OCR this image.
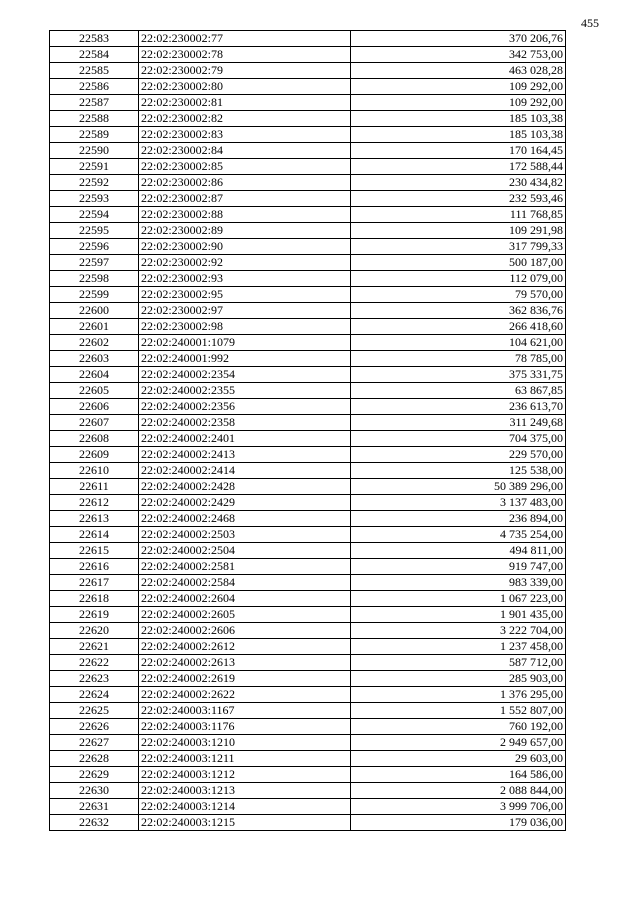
455
22583	22:02:230002:77	370 206,76
22584	22:02:230002:78	342 753,00
22585	22:02:230002:79	463 028,28
22586	22:02:230002:80	109 292,00
22587	22:02:230002:81	109 292,00
22588	22:02:230002:82	185 103,38
22589	22:02:230002:83	185 103,38
22590	22:02:230002:84	170 164,45
22591	22:02:230002:85	172 588,44
22592	22:02:230002:86	230 434,82
22593	22:02:230002:87	232 593,46
22594	22:02:230002:88	111 768,85
22595	22:02:230002:89	109 291,98
22596	22:02:230002:90	317 799,33
22597	22:02:230002:92	500 187,00
22598	22:02:230002:93	112 079,00
22599	22:02:230002:95	79 570,00
22600	22:02:230002:97	362 836,76
22601	22:02:230002:98	266 418,60
22602	22:02:240001:1079	104 621,00
22603	22:02:240001:992	78 785,00
22604	22:02:240002:2354	375 331,75
22605	22:02:240002:2355	63 867,85
22606	22:02:240002:2356	236 613,70
22607	22:02:240002:2358	311 249,68
22608	22:02:240002:2401	704 375,00
22609	22:02:240002:2413	229 570,00
22610	22:02:240002:2414	125 538,00
22611	22:02:240002:2428	50 389 296,00
22612	22:02:240002:2429	3 137 483,00
22613	22:02:240002:2468	236 894,00
22614	22:02:240002:2503	4 735 254,00
22615	22:02:240002:2504	494 811,00
22616	22:02:240002:2581	919 747,00
22617	22:02:240002:2584	983 339,00
22618	22:02:240002:2604	1 067 223,00
22619	22:02:240002:2605	1 901 435,00
22620	22:02:240002:2606	3 222 704,00
22621	22:02:240002:2612	1 237 458,00
22622	22:02:240002:2613	587 712,00
22623	22:02:240002:2619	285 903,00
22624	22:02:240002:2622	1 376 295,00
22625	22:02:240003:1167	1 552 807,00
22626	22:02:240003:1176	760 192,00
22627	22:02:240003:1210	2 949 657,00
22628	22:02:240003:1211	29 603,00
22629	22:02:240003:1212	164 586,00
22630	22:02:240003:1213	2 088 844,00
22631	22:02:240003:1214	3 999 706,00
22632	22:02:240003:1215	179 036,00
